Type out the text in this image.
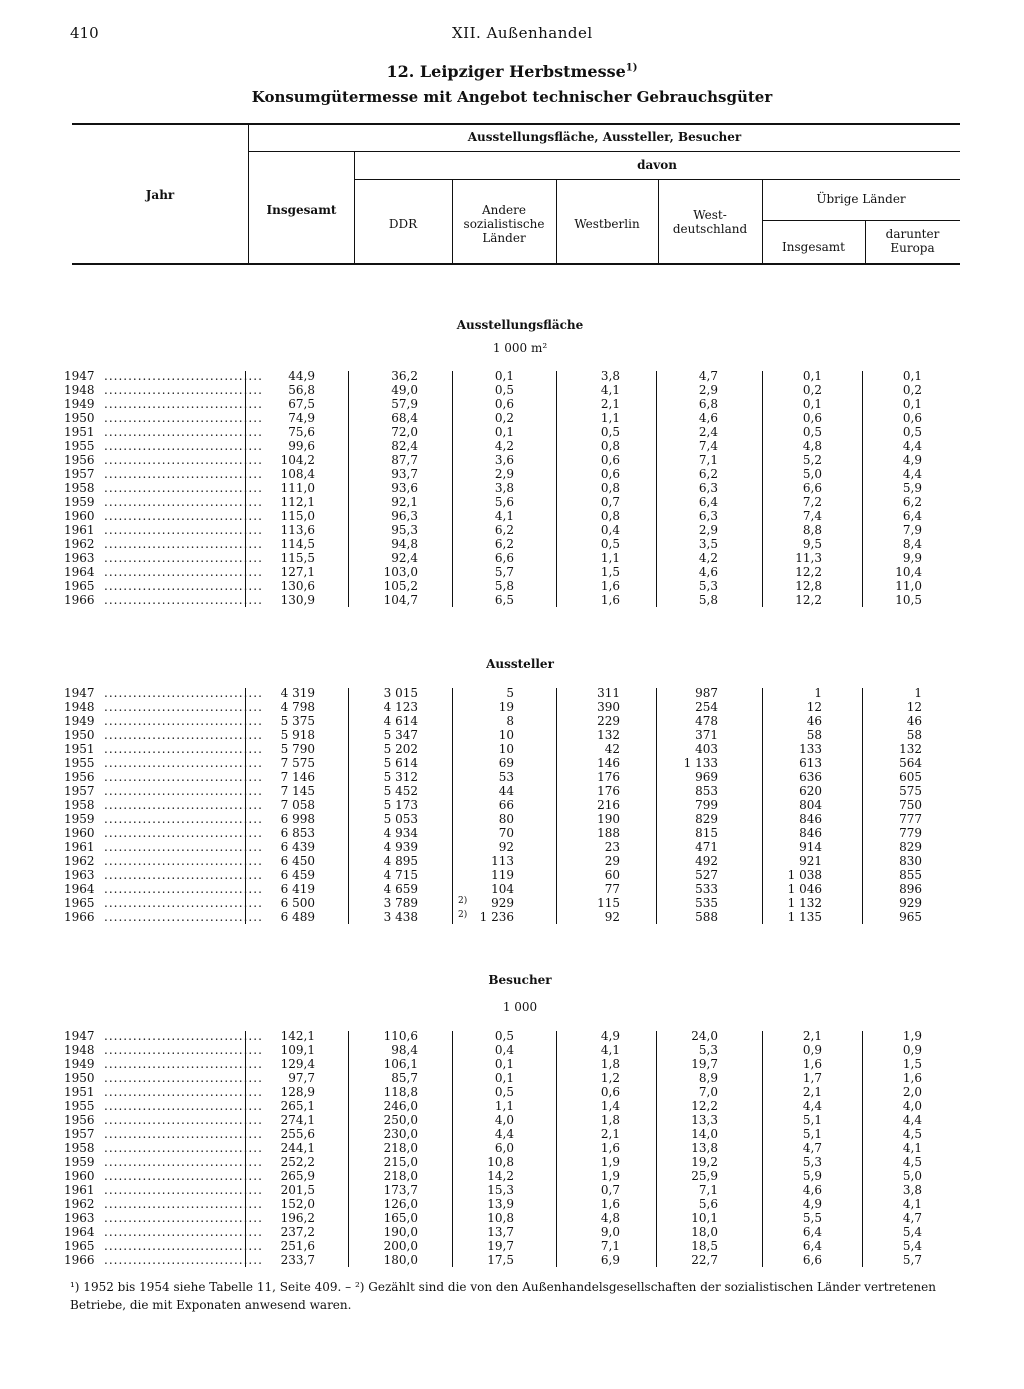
410	XII. Außenhandel
12. Leipziger Herbstmesse$^{1)}$
Konsumgütermesse mit Angebot technischer Gebrauchsgüter
Jahr
Ausstellungsfläche, Aussteller, Besucher
Insgesamt
davon
DDR
Andere
sozialistische
Länder
Westberlin
West-
deutschland
Übrige Länder
Insgesamt
darunter
Europa
Ausstellungsfläche
1 000 m²
Aussteller
Besucher
1 000
1947 .................................	44,9	36,2	0,1	3,8	4,7	0,1	0,1
1948 .................................	56,8	49,0	0,5	4,1	2,9	0,2	0,2
1949 .................................	67,5	57,9	0,6	2,1	6,8	0,1	0,1
1950 .................................	74,9	68,4	0,2	1,1	4,6	0,6	0,6
1951 .................................	75,6	72,0	0,1	0,5	2,4	0,5	0,5
1955 .................................	99,6	82,4	4,2	0,8	7,4	4,8	4,4
1956 .................................	104,2	87,7	3,6	0,6	7,1	5,2	4,9
1957 .................................	108,4	93,7	2,9	0,6	6,2	5,0	4,4
1958 .................................	111,0	93,6	3,8	0,8	6,3	6,6	5,9
1959 .................................	112,1	92,1	5,6	0,7	6,4	7,2	6,2
1960 .................................	115,0	96,3	4,1	0,8	6,3	7,4	6,4
1961 .................................	113,6	95,3	6,2	0,4	2,9	8,8	7,9
1962 .................................	114,5	94,8	6,2	0,5	3,5	9,5	8,4
1963 .................................	115,5	92,4	6,6	1,1	4,2	11,3	9,9
1964 .................................	127,1	103,0	5,7	1,5	4,6	12,2	10,4
1965 .................................	130,6	105,2	5,8	1,6	5,3	12,8	11,0
1966 .................................	130,9	104,7	6,5	1,6	5,8	12,2	10,5
1947 .................................	4 319	3 015	5	311	987	1	1
1948 .................................	4 798	4 123	19	390	254	12	12
1949 .................................	5 375	4 614	8	229	478	46	46
1950 .................................	5 918	5 347	10	132	371	58	58
1951 .................................	5 790	5 202	10	42	403	133	132
1955 .................................	7 575	5 614	69	146	1 133	613	564
1956 .................................	7 146	5 312	53	176	969	636	605
1957 .................................	7 145	5 452	44	176	853	620	575
1958 .................................	7 058	5 173	66	216	799	804	750
1959 .................................	6 998	5 053	80	190	829	846	777
1960 .................................	6 853	4 934	70	188	815	846	779
1961 .................................	6 439	4 939	92	23	471	914	829
1962 .................................	6 450	4 895	113	29	492	921	830
1963 .................................	6 459	4 715	119	60	527	1 038	855
1964 .................................	6 419	4 659	104	77	533	1 046	896
1965 .................................	6 500	3 789	929	115	535	1 132	929
2)
1966 .................................	6 489	3 438	1 236	92	588	1 135	965
2)
1947 .................................	142,1	110,6	0,5	4,9	24,0	2,1	1,9
1948 .................................	109,1	98,4	0,4	4,1	5,3	0,9	0,9
1949 .................................	129,4	106,1	0,1	1,8	19,7	1,6	1,5
1950 .................................	97,7	85,7	0,1	1,2	8,9	1,7	1,6
1951 .................................	128,9	118,8	0,5	0,6	7,0	2,1	2,0
1955 .................................	265,1	246,0	1,1	1,4	12,2	4,4	4,0
1956 .................................	274,1	250,0	4,0	1,8	13,3	5,1	4,4
1957 .................................	255,6	230,0	4,4	2,1	14,0	5,1	4,5
1958 .................................	244,1	218,0	6,0	1,6	13,8	4,7	4,1
1959 .................................	252,2	215,0	10,8	1,9	19,2	5,3	4,5
1960 .................................	265,9	218,0	14,2	1,9	25,9	5,9	5,0
1961 .................................	201,5	173,7	15,3	0,7	7,1	4,6	3,8
1962 .................................	152,0	126,0	13,9	1,6	5,6	4,9	4,1
1963 .................................	196,2	165,0	10,8	4,8	10,1	5,5	4,7
1964 .................................	237,2	190,0	13,7	9,0	18,0	6,4	5,4
1965 .................................	251,6	200,0	19,7	7,1	18,5	6,4	5,4
1966 .................................	233,7	180,0	17,5	6,9	22,7	6,6	5,7
¹) 1952 bis 1954 siehe Tabelle 11, Seite 409. – ²) Gezählt sind die von den Außenhandelsgesellschaften der sozialistischen Länder vertretenen Betriebe, die mit Exponaten anwesend waren.
